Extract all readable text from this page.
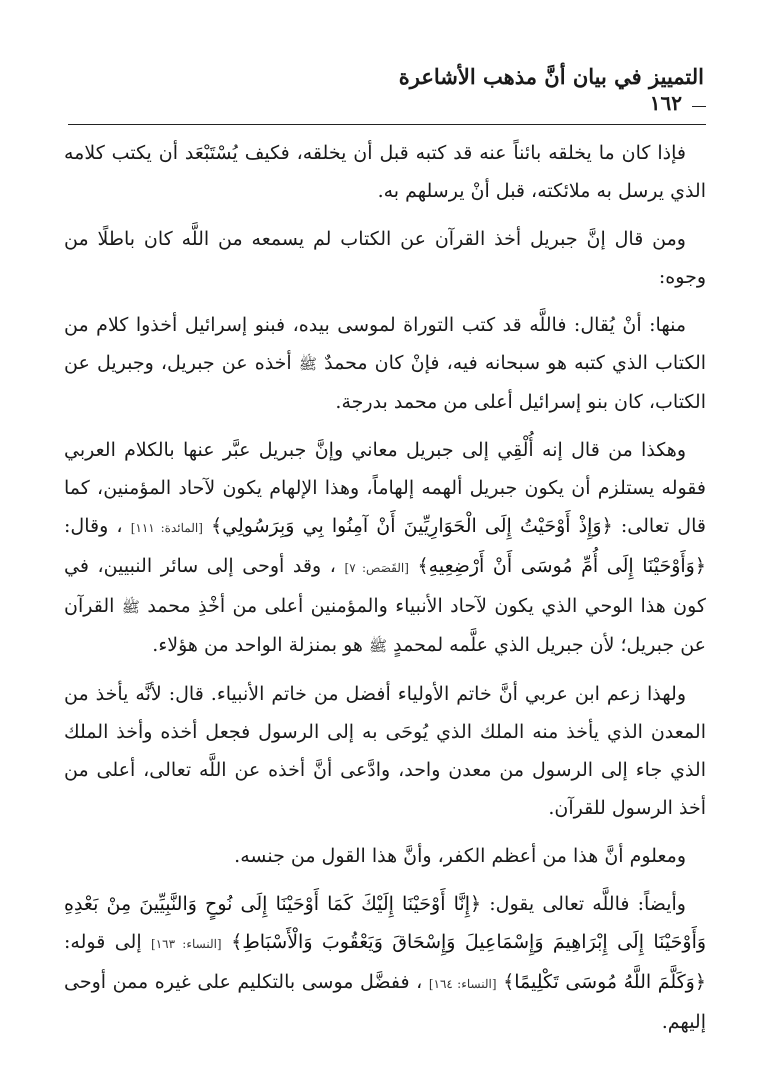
التمييز في بيان أنَّ مذهب الأشاعرة
١٦٢

فإذا كان ما يخلقه بائناً عنه قد كتبه قبل أن يخلقه، فكيف يُسْتَبْعَد أن يكتب كلامه الذي يرسل به ملائكته، قبل أنْ يرسلهم به.

ومن قال إنَّ جبريل أخذ القرآن عن الكتاب لم يسمعه من اللَّه كان باطلًا من وجوه:

منها: أنْ يُقال: فاللَّه قد كتب التوراة لموسى بيده، فبنو إسرائيل أخذوا كلام من الكتاب الذي كتبه هو سبحانه فيه، فإنْ كان محمدٌ ﷺ أخذه عن جبريل، وجبريل عن الكتاب، كان بنو إسرائيل أعلى من محمد بدرجة.

وهكذا من قال إنه أُلْقِي إلى جبريل معاني وإنَّ جبريل عبَّر عنها بالكلام العربي فقوله يستلزم أن يكون جبريل ألهمه إلهاماً، وهذا الإلهام يكون لآحاد المؤمنين، كما قال تعالى: ﴿وَإِذْ أَوْحَيْتُ إِلَى الْحَوَارِيِّينَ أَنْ آمِنُوا بِي وَبِرَسُولِي﴾ [المائدة: ١١١] ، وقال: ﴿وَأَوْحَيْنَا إِلَى أُمِّ مُوسَى أَنْ أَرْضِعِيهِ﴾ [القَصَص: ٧] ، وقد أوحى إلى سائر النبيين، في كون هذا الوحي الذي يكون لآحاد الأنبياء والمؤمنين أعلى من أخْذِ محمد ﷺ القرآن عن جبريل؛ لأن جبريل الذي علَّمه لمحمدٍ ﷺ هو بمنزلة الواحد من هؤلاء.

ولهذا زعم ابن عربي أنَّ خاتم الأولياء أفضل من خاتم الأنبياء. قال: لأنَّه يأخذ من المعدن الذي يأخذ منه الملك الذي يُوحَى به إلى الرسول فجعل أخذه وأخذ الملك الذي جاء إلى الرسول من معدن واحد، وادَّعى أنَّ أخذه عن اللَّه تعالى، أعلى من أخذ الرسول للقرآن.

ومعلوم أنَّ هذا من أعظم الكفر، وأنَّ هذا القول من جنسه.

وأيضاً: فاللَّه تعالى يقول: ﴿إِنَّا أَوْحَيْنَا إِلَيْكَ كَمَا أَوْحَيْنَا إِلَى نُوحٍ وَالنَّبِيِّينَ مِنْ بَعْدِهِ وَأَوْحَيْنَا إِلَى إِبْرَاهِيمَ وَإِسْمَاعِيلَ وَإِسْحَاقَ وَيَعْقُوبَ وَالْأَسْبَاطِ﴾ [النساء: ١٦٣] إلى قوله: ﴿وَكَلَّمَ اللَّهُ مُوسَى تَكْلِيمًا﴾ [النساء: ١٦٤] ، ففضَّل موسى بالتكليم على غيره ممن أوحى إليهم.
